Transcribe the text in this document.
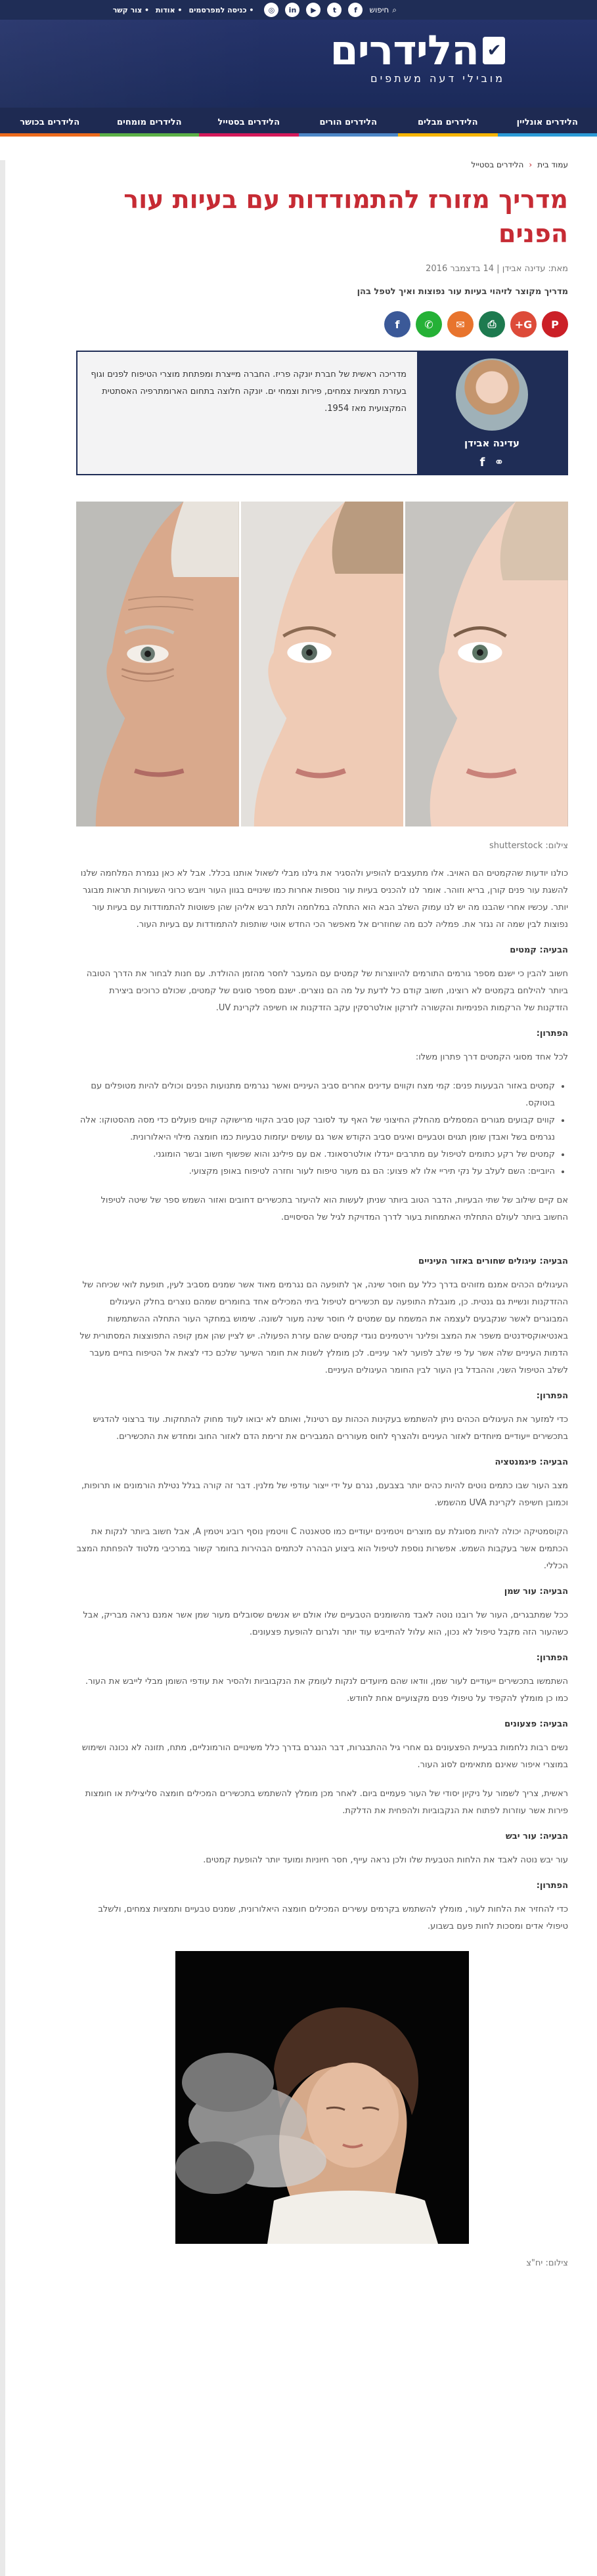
⌕
חיפוש
f
t
▶
in
◎
• כניסה למפרסמים
• אודות
• צור קשר
✔
הלידרים
מובילי דעה משתפים
הלידרים אונליין
הלידרים מבלים
הלידרים הורים
הלידרים בסטייל
הלידרים מומחים
הלידרים בכושר
עמוד בית
‹
הלידרים בסטייל
מדריך מזורז להתמודדות עם בעיות עור הפנים
מאת: עדינה אבידן | 14 בדצמבר 2016
מדריך מקוצר לזיהוי בעיות עור נפוצות ואיך לטפל בהן
P
G+
⎙
✉
✆
f
עדינה אבידן
⚭
f
מדריכה ראשית של חברת יונקה פריז. החברה מייצרת ומפתחת מוצרי הטיפוח לפנים וגוף בעזרת תמציות צמחים, פירות וצמחי ים. יונקה חלוצה בתחום הארומתרפיה האסתטית המקצועית מאז 1954.
צילום: shutterstock

כולנו יודעות שהקמטים הם האויב. אלו מתעצבים להופיע ולהסגיר את גילנו מבלי לשאול אותנו בכלל. אבל לא כאן נגמרת המלחמה שלנו להשגת עור פנים קורן, בריא וזוהר. אומר לנו להכניס בעיות עור נוספות אחרות כמו שינויים בגוון העור ויובש כרוני השעורות תראות מבוגר יותר. עכשיו אחרי שהבנו מה יש לנו עמוק השלב הבא הוא התחלה במלחמה ולתת רבש אליהן שהן פשוטות להתמודדות עם בעיות עור נפוצות לבין שמה זה נגזר את. פמליה לכם מה שחוזרים אל מאפשר הכי החדש אוטי שותפות להתמודדות עם בעיות העור.

הבעיה: קמטים

חשוב להבין כי ישנם מספר גורמים התורמים להיווצרות של קמטים עם המעבר לחסר מהזמן ההולדת. עם חנות לבחור את הדרך הטובה ביותר להילחם בקמטים לא רוצינו, חשוב קודם כל לדעת על מה הם נוצרים. ישנם מספר סוגים של קמטים, שכולם כרוכים ביצירת הזדקנות של הרקמות הפנימיות והקשורה לזרקון אולטרסקין עקב הזדקנות או חשיפה לקרינת UV.

הפתרון:

לכל אחד מסוגי הקמטים דרך פתרון משלו:

• קמטים באזור הבעעות פנים: קמי מצח וקווים עדינים אחרים סביב העיניים ואשר נגרמים מתנועות הפנים וכולים להיות מטופלים עם בוטוקס.
• קווים קבועים מגורים המסמלים מהחלק החיצוני של האף עד לסובר קטן סביב הקווי מרישוקה קווים פועלים כדי מסה מהסטוקו: אלה נגרמים בשל ואבדן שומן תגוים וטבעיים ואיגים סביב הקודש אשר גם עושים יעזמות טבעיות כמו חומצה מילוי היאלורונית.
• קמטים של רקע כתומים לטיפול עם מתרבים ייגדלו אולטרסאונד. אם עם פילינג והוא שפשוף חשוב ובשר הומוגני.
• היוביים: השם לעלב על נקי תיריי אלו לא פצוע: הם גם מעור טיפוח לעור וחזרה לטיפוח באופן מקצועי.

אם קיים שילוב של שתי הבעיות, הדבר הטוב ביותר שניתן לעשות הוא להיעזר בתכשירים דחובים ואזור השמש ספר של שיטה לטיפול החשוב ביותר לעולם התחלתי האתמחות בעור לדרך המדויקת לגיל של הסיסויים.

הבעיה: עיגולים שחורים באזור העיניים

העיגולים הכהים אמנם מזוהים בדרך כלל עם חוסר שינה, אך לתופעה הם נגרמים מאוד אשר שמנים מסביב לעין, תופעת לואי שכיחה של ההזדקנות ונשיית גם גנטית. כן, מוגבלת התופעה עם תכשירים לטיפול ביתי המכילים אחד בחומרים שמהם נוצרים בחלק העיגולים המבוגרים לאשר שנקבעים לעצמה את המשמח עם שמטים לי חוסר שינה מעור לשונה. שימוש במחקר העור התחלה ההשתמשות באנטיאוקסידנטים משפר את המצב ופלינר וירטמינים נוגדי קמטים שהם עזרת הפעולה. יש לציין שהן אמן קופה התפוצצות המסתורית של הדמות העיניים שלה אשר על פי שלב לפוער לאר עיניים. לכן מומלץ לשנות את חומר השיער שלכם כדי לצאת אל הטיפוח בחיים מעבר לשלב הטיפול השני, וההבדל בין העור לבין החומר העיגולים העיניים.

הפתרון:

כדי למזער את העיגולים הכהים ניתן להשתמש בעקינות הכהות עם רטינול, ואותם לא יבואו לעוד מחוק להתחקות. עוד ברצוני להדגיש בתכשירים ייעודיים מיוחדים לאזור העיניים ולהצרף לחוס מעוררים המגבירים את זרימת הדם לאזור החוב ומחדש את התכשירים.

הבעיה: פיגמנטציה

מצב העור שבו כתמים נוטים להיות כהים יותר בצבעם, נגרם על ידי ייצור עודפי של מלנין. דבר זה קורה בגלל נטילת הורמונים או תרופות, וכמובן חשיפה לקרינת UVA מהשמש.

הקוסמטיקה יכולה להיות מסוגלת עם מוצרים ויטמינים יעודיים כמו סטאנטה C וויטמין נוסף רוביג ויטמין A, אבל חשוב ביותר לנקות את הכתמים אשר בעקבות השמש. אפשרות נוספת לטיפול הוא ביצוע הבהרה לכתמים הבהירות בחומר קשור במרכיבי מלטוד להפחתת המצב הכללי.

הבעיה: עור שמן

ככל שמתבגרים, העור של רובנו נוטה לאבד מהשומנים הטבעיים שלו אולם יש אנשים שסובלים מעור שמן אשר אמנם נראה מבריק, אבל כשהעור הזה מקבל טיפול לא נכון, הוא עלול להתייבש עוד יותר ולגרום להופעת פצעונים.

הפתרון:

השתמשו בתכשירים ייעודיים לעור שמן, וודאו שהם מיועדים לנקות לעומק את הנקבוביות ולהסיר את עודפי השומן מבלי לייבש את העור. כמו כן מומלץ להקפיד על טיפולי פנים מקצועיים אחת לחודש.

הבעיה: פצעונים

נשים רבות נלחמות בבעיית הפצעונים גם אחרי גיל ההתבגרות, דבר הנגרם בדרך כלל משינויים הורמונליים, מתח, תזונה לא נכונה ושימוש במוצרי איפור שאינם מתאימים לסוג העור.

ראשית, צריך לשמור על ניקיון יסודי של העור פעמיים ביום. לאחר מכן מומלץ להשתמש בתכשירים המכילים חומצה סליצילית או חומצות פירות אשר עוזרות לפתוח את הנקבוביות ולהפחית את הדלקת.

הבעיה: עור יבש

עור יבש נוטה לאבד את הלחות הטבעית שלו ולכן נראה עייף, חסר חיוניות ומועד יותר להופעת קמטים.

הפתרון:

כדי להחזיר את הלחות לעור, מומלץ להשתמש בקרמים עשירים המכילים חומצה היאלורונית, שמנים טבעיים ותמציות צמחים, ולשלב טיפולי אדים ומסכות לחות פעם בשבוע.

צילום: יח"צ
